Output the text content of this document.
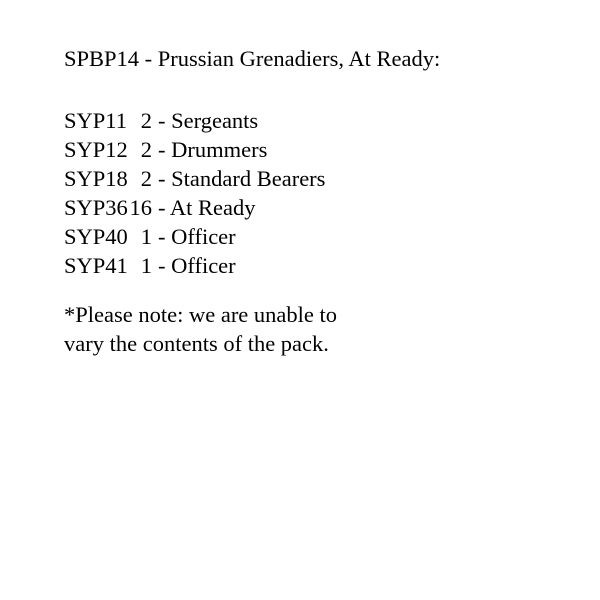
SPBP14 - Prussian Grenadiers, At Ready:
SYP11 2 - Sergeants
SYP12 2 - Drummers
SYP18 2 - Standard Bearers
SYP36 16 - At Ready
SYP40 1 - Officer
SYP41 1 - Officer
*Please note: we are unable to
vary the contents of the pack.
